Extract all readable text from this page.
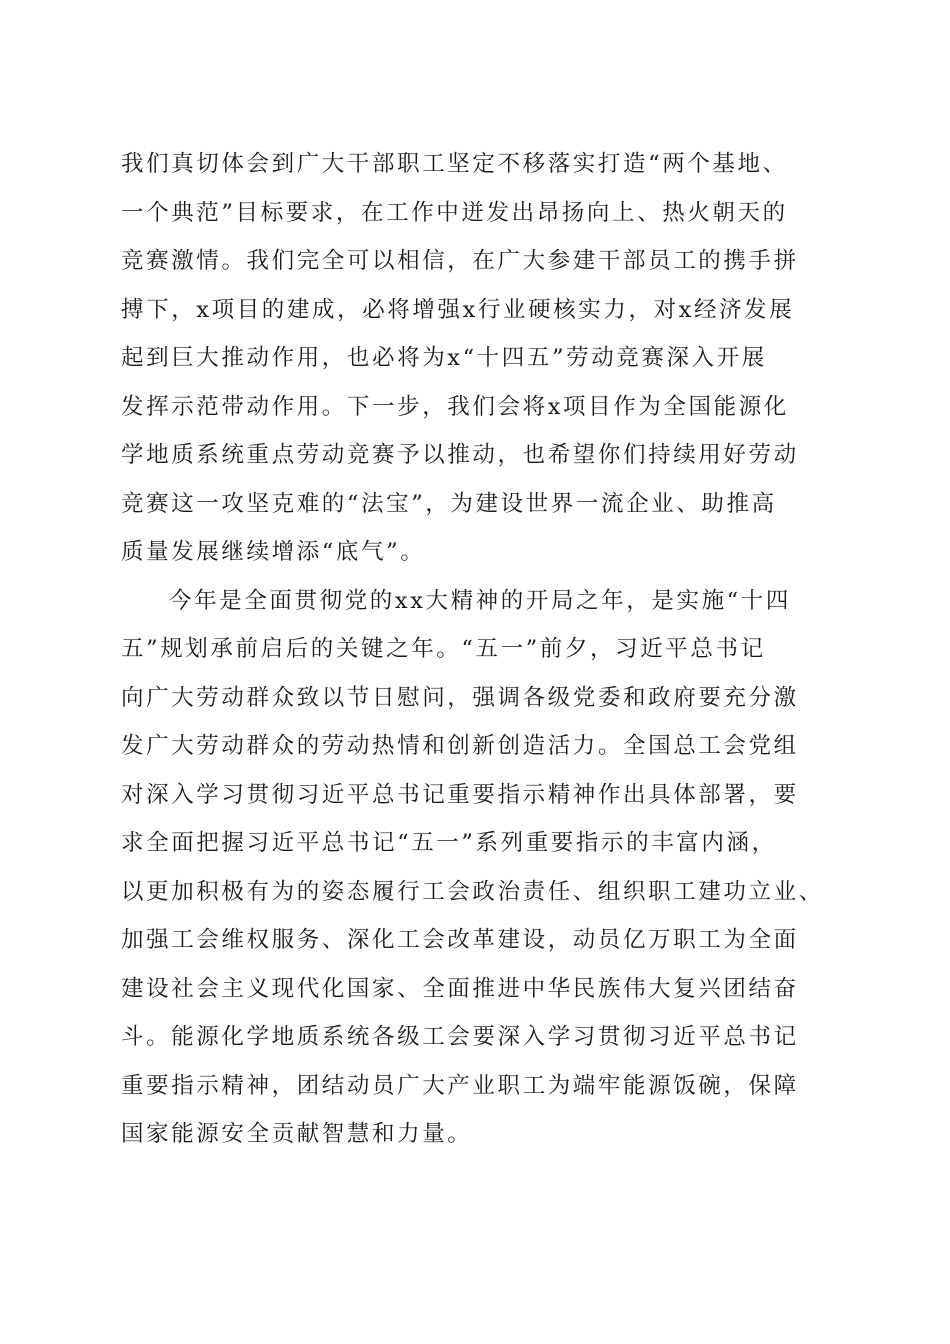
我们真切体会到广大干部职工坚定不移落实打造“两个基地、
一个典范”目标要求，在工作中迸发出昂扬向上、热火朝天的
竞赛激情。我们完全可以相信，在广大参建干部员工的携手拼
搏下，x项目的建成，必将增强x行业硬核实力，对x经济发展
起到巨大推动作用，也必将为x“十四五”劳动竞赛深入开展
发挥示范带动作用。下一步，我们会将x项目作为全国能源化
学地质系统重点劳动竞赛予以推动，也希望你们持续用好劳动
竞赛这一攻坚克难的“法宝”，为建设世界一流企业、助推高
质量发展继续增添“底气”。
今年是全面贯彻党的xx大精神的开局之年，是实施“十四
五”规划承前启后的关键之年。“五一”前夕，习近平总书记
向广大劳动群众致以节日慰问，强调各级党委和政府要充分激
发广大劳动群众的劳动热情和创新创造活力。全国总工会党组
对深入学习贯彻习近平总书记重要指示精神作出具体部署，要
求全面把握习近平总书记“五一”系列重要指示的丰富内涵，
以更加积极有为的姿态履行工会政治责任、组织职工建功立业、
加强工会维权服务、深化工会改革建设，动员亿万职工为全面
建设社会主义现代化国家、全面推进中华民族伟大复兴团结奋
斗。能源化学地质系统各级工会要深入学习贯彻习近平总书记
重要指示精神，团结动员广大产业职工为端牢能源饭碗，保障
国家能源安全贡献智慧和力量。
